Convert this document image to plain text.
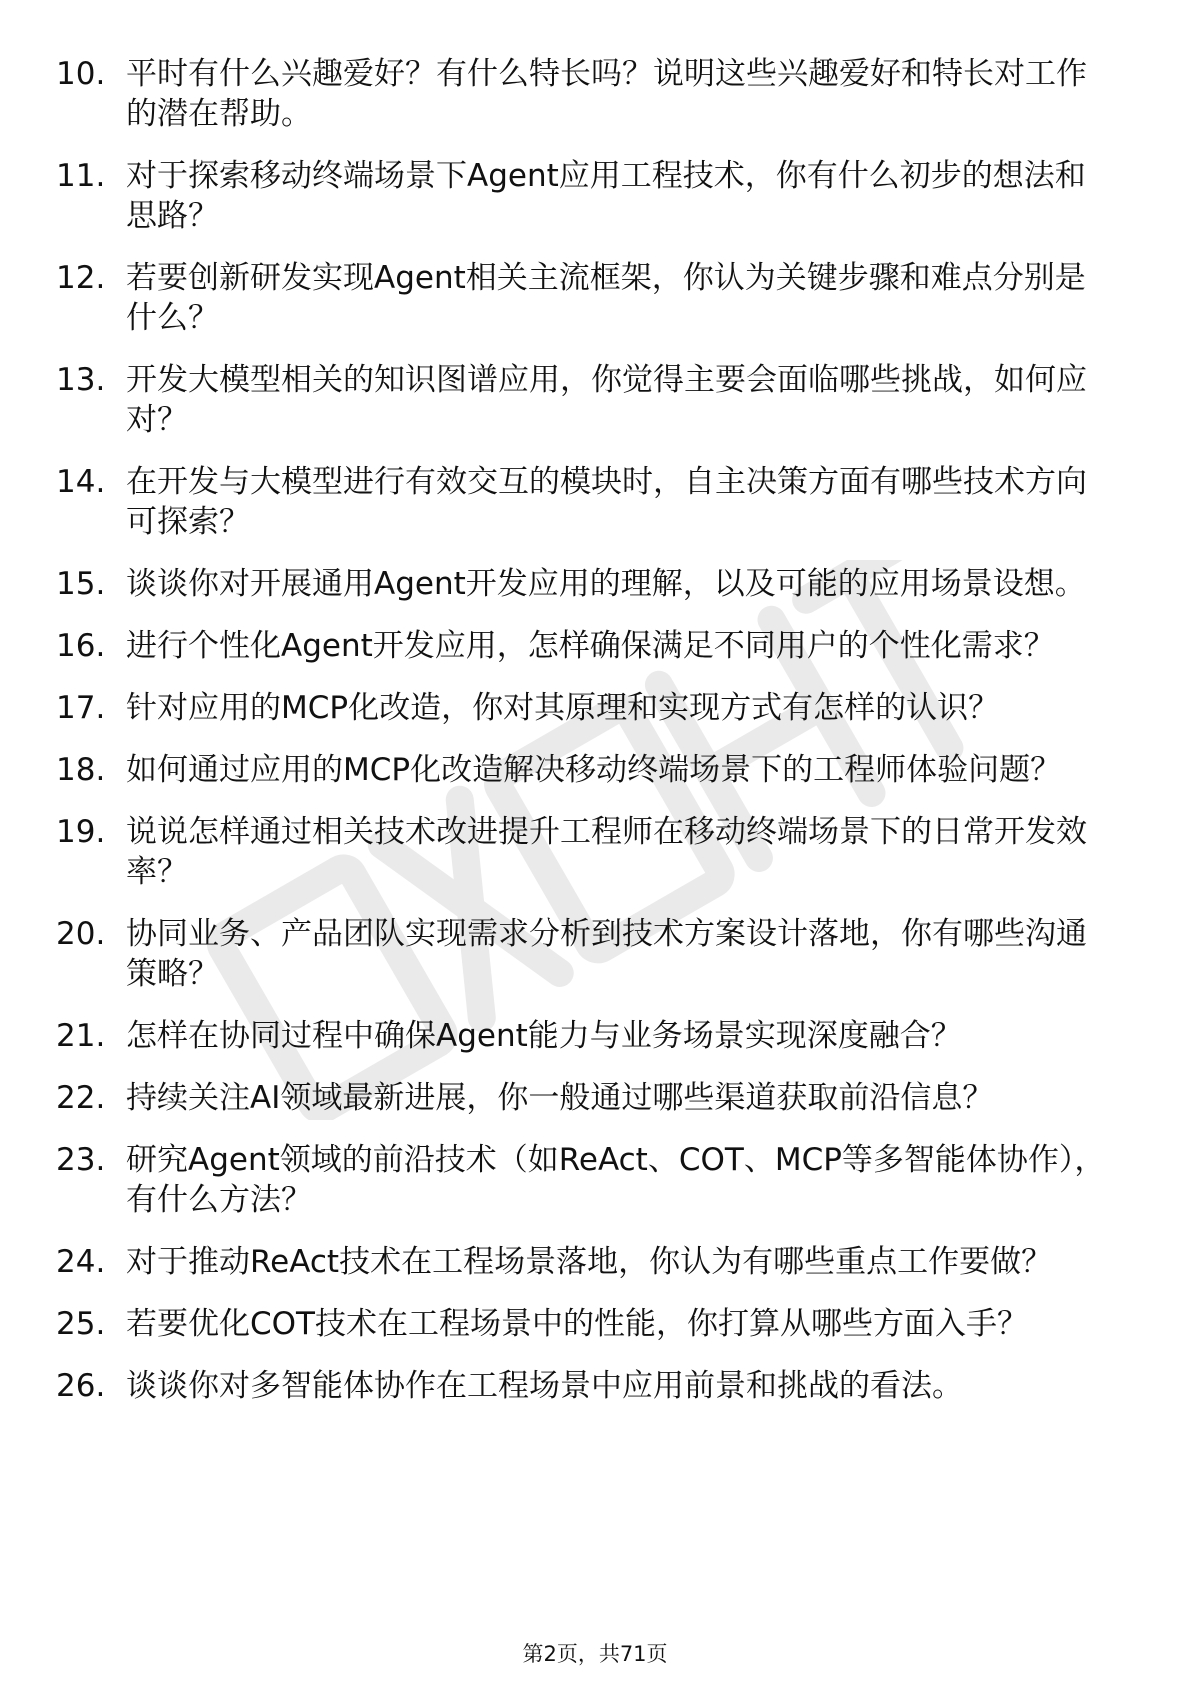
10. 平时有什么兴趣爱好？有什么特长吗？说明这些兴趣爱好和特长对工作的潜在帮助。
11. 对于探索移动终端场景下Agent应用工程技术，你有什么初步的想法和思路？
12. 若要创新研发实现Agent相关主流框架，你认为关键步骤和难点分别是什么？
13. 开发大模型相关的知识图谱应用，你觉得主要会面临哪些挑战，如何应对？
14. 在开发与大模型进行有效交互的模块时，自主决策方面有哪些技术方向可探索？
15. 谈谈你对开展通用Agent开发应用的理解，以及可能的应用场景设想。
16. 进行个性化Agent开发应用，怎样确保满足不同用户的个性化需求？
17. 针对应用的MCP化改造，你对其原理和实现方式有怎样的认识？
18. 如何通过应用的MCP化改造解决移动终端场景下的工程师体验问题？
19. 说说怎样通过相关技术改进提升工程师在移动终端场景下的日常开发效率？
20. 协同业务、产品团队实现需求分析到技术方案设计落地，你有哪些沟通策略？
21. 怎样在协同过程中确保Agent能力与业务场景实现深度融合？
22. 持续关注AI领域最新进展，你一般通过哪些渠道获取前沿信息？
23. 研究Agent领域的前沿技术（如ReAct、COT、MCP等多智能体协作），有什么方法？
24. 对于推动ReAct技术在工程场景落地，你认为有哪些重点工作要做？
25. 若要优化COT技术在工程场景中的性能，你打算从哪些方面入手？
26. 谈谈你对多智能体协作在工程场景中应用前景和挑战的看法。
第2页，共71页
